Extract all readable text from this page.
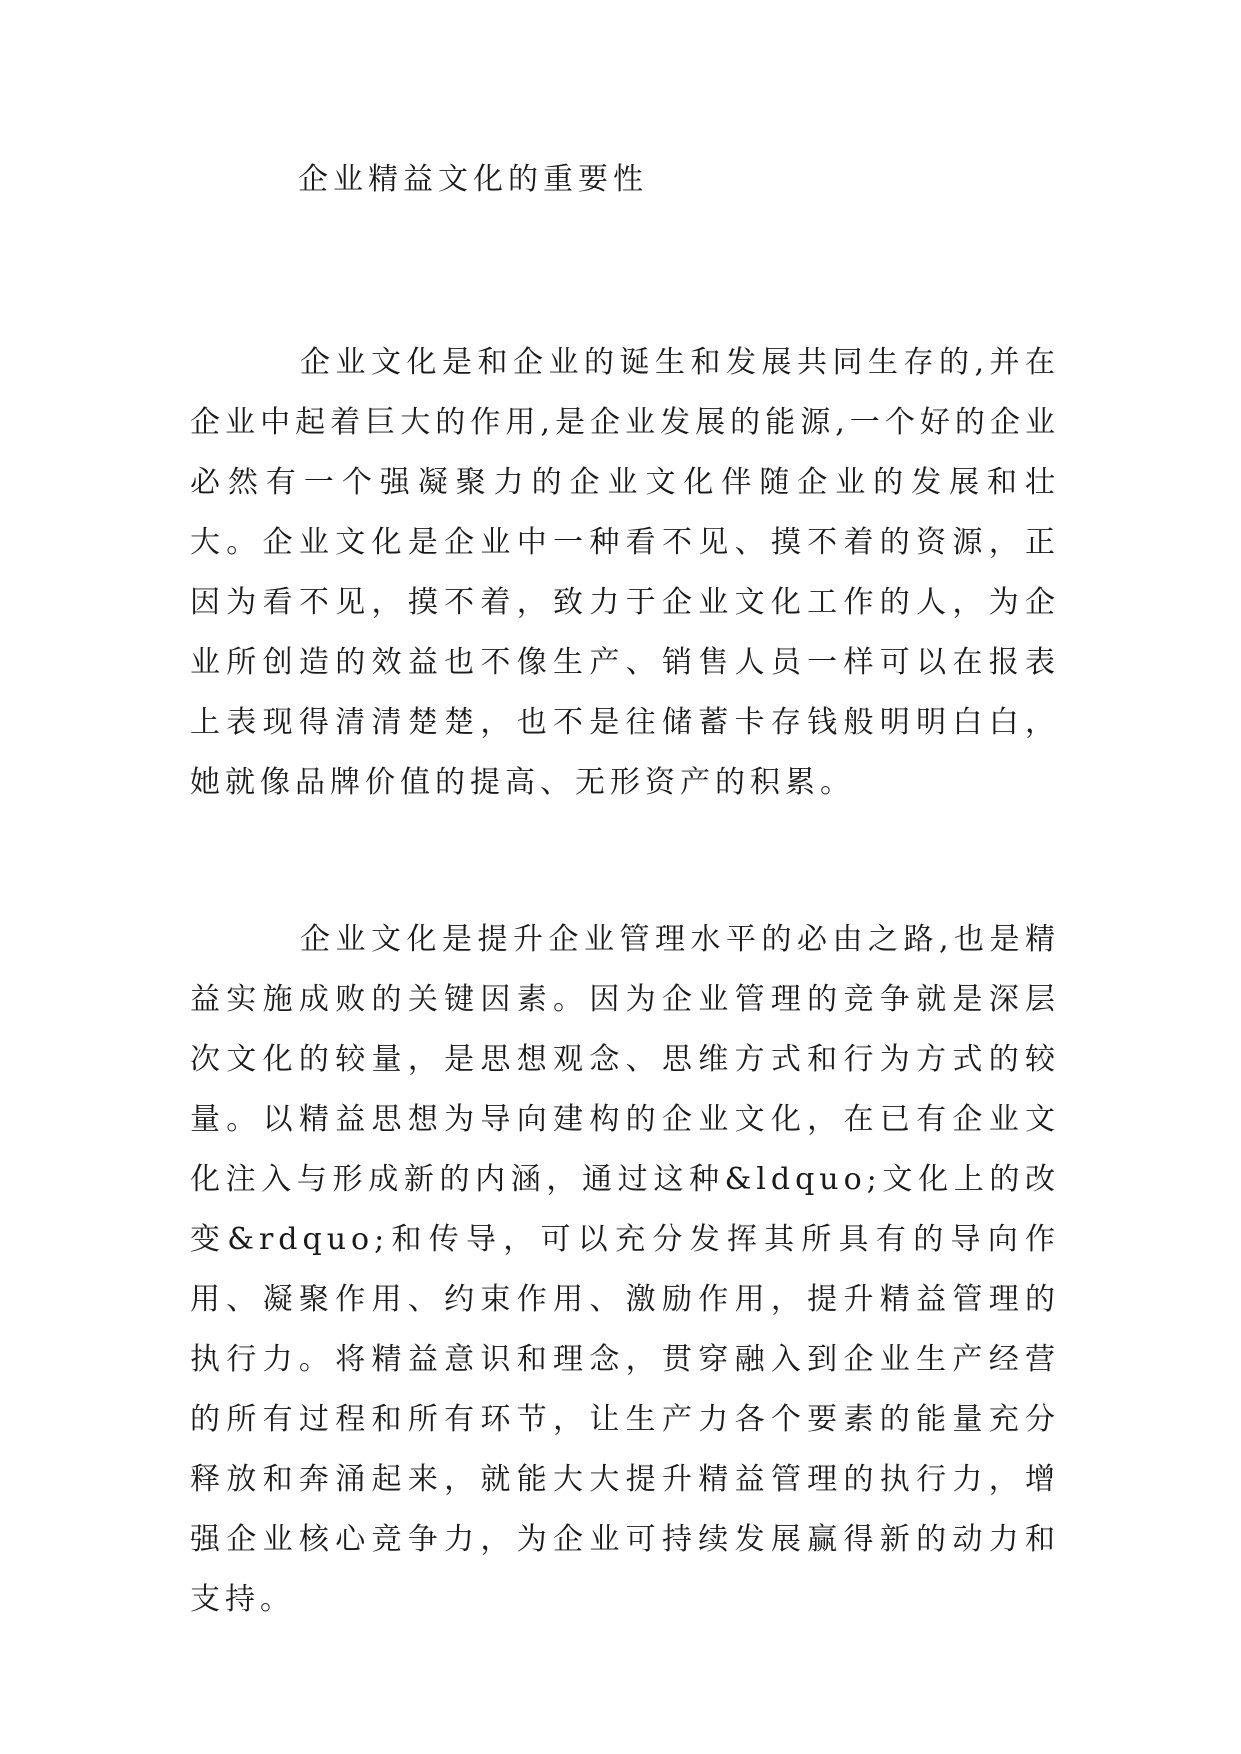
企业精益文化的重要性

企业文化是和企业的诞生和发展共同生存的,并在企业中起着巨大的作用,是企业发展的能源,一个好的企业必然有一个强凝聚力的企业文化伴随企业的发展和壮大。企业文化是企业中一种看不见、摸不着的资源，正因为看不见，摸不着，致力于企业文化工作的人，为企业所创造的效益也不像生产、销售人员一样可以在报表上表现得清清楚楚，也不是往储蓄卡存钱般明明白白，她就像品牌价值的提高、无形资产的积累。

企业文化是提升企业管理水平的必由之路,也是精益实施成败的关键因素。因为企业管理的竞争就是深层次文化的较量，是思想观念、思维方式和行为方式的较量。以精益思想为导向建构的企业文化，在已有企业文化注入与形成新的内涵，通过这种&ldquo;文化上的改变&rdquo;和传导，可以充分发挥其所具有的导向作用、凝聚作用、约束作用、激励作用，提升精益管理的执行力。将精益意识和理念，贯穿融入到企业生产经营的所有过程和所有环节，让生产力各个要素的能量充分释放和奔涌起来，就能大大提升精益管理的执行力，增强企业核心竞争力，为企业可持续发展赢得新的动力和支持。
